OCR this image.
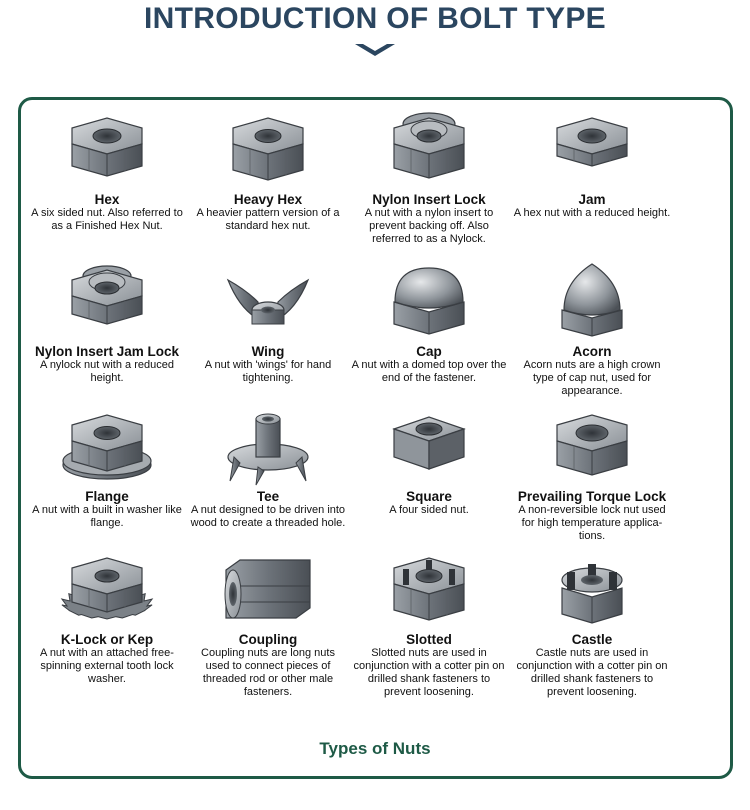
INTRODUCTION OF BOLT TYPE
Hex
A six sided nut. Also referred to as a Finished Hex Nut.
Heavy Hex
A heavier pattern version of a standard hex nut.
Nylon Insert Lock
A nut with a nylon insert to prevent backing off. Also referred to as a Nylock.
Jam
A hex nut with a reduced height.
Nylon Insert Jam Lock
A nylock nut with a reduced height.
Wing
A nut with 'wings' for hand tightening.
Cap
A nut with a domed top over the end of the fastener.
Acorn
Acorn nuts are a high crown type of cap nut, used for appearance.
Flange
A nut with a built in washer like flange.
Tee
A nut designed to be driven into wood to create a threaded hole.
Square
A four sided nut.
Prevailing Torque Lock
A non-reversible lock nut used for high temperature applica-tions.
K-Lock or Kep
A nut with an attached free-spinning external tooth lock washer.
Coupling
Coupling nuts are long nuts used to connect pieces of threaded rod or other male fasteners.
Slotted
Slotted nuts are used in conjunction with a cotter pin on drilled shank fasteners to prevent loosening.
Castle
Castle nuts are used in conjunction with a cotter pin on drilled shank fasteners to prevent loosening.
Types of Nuts
